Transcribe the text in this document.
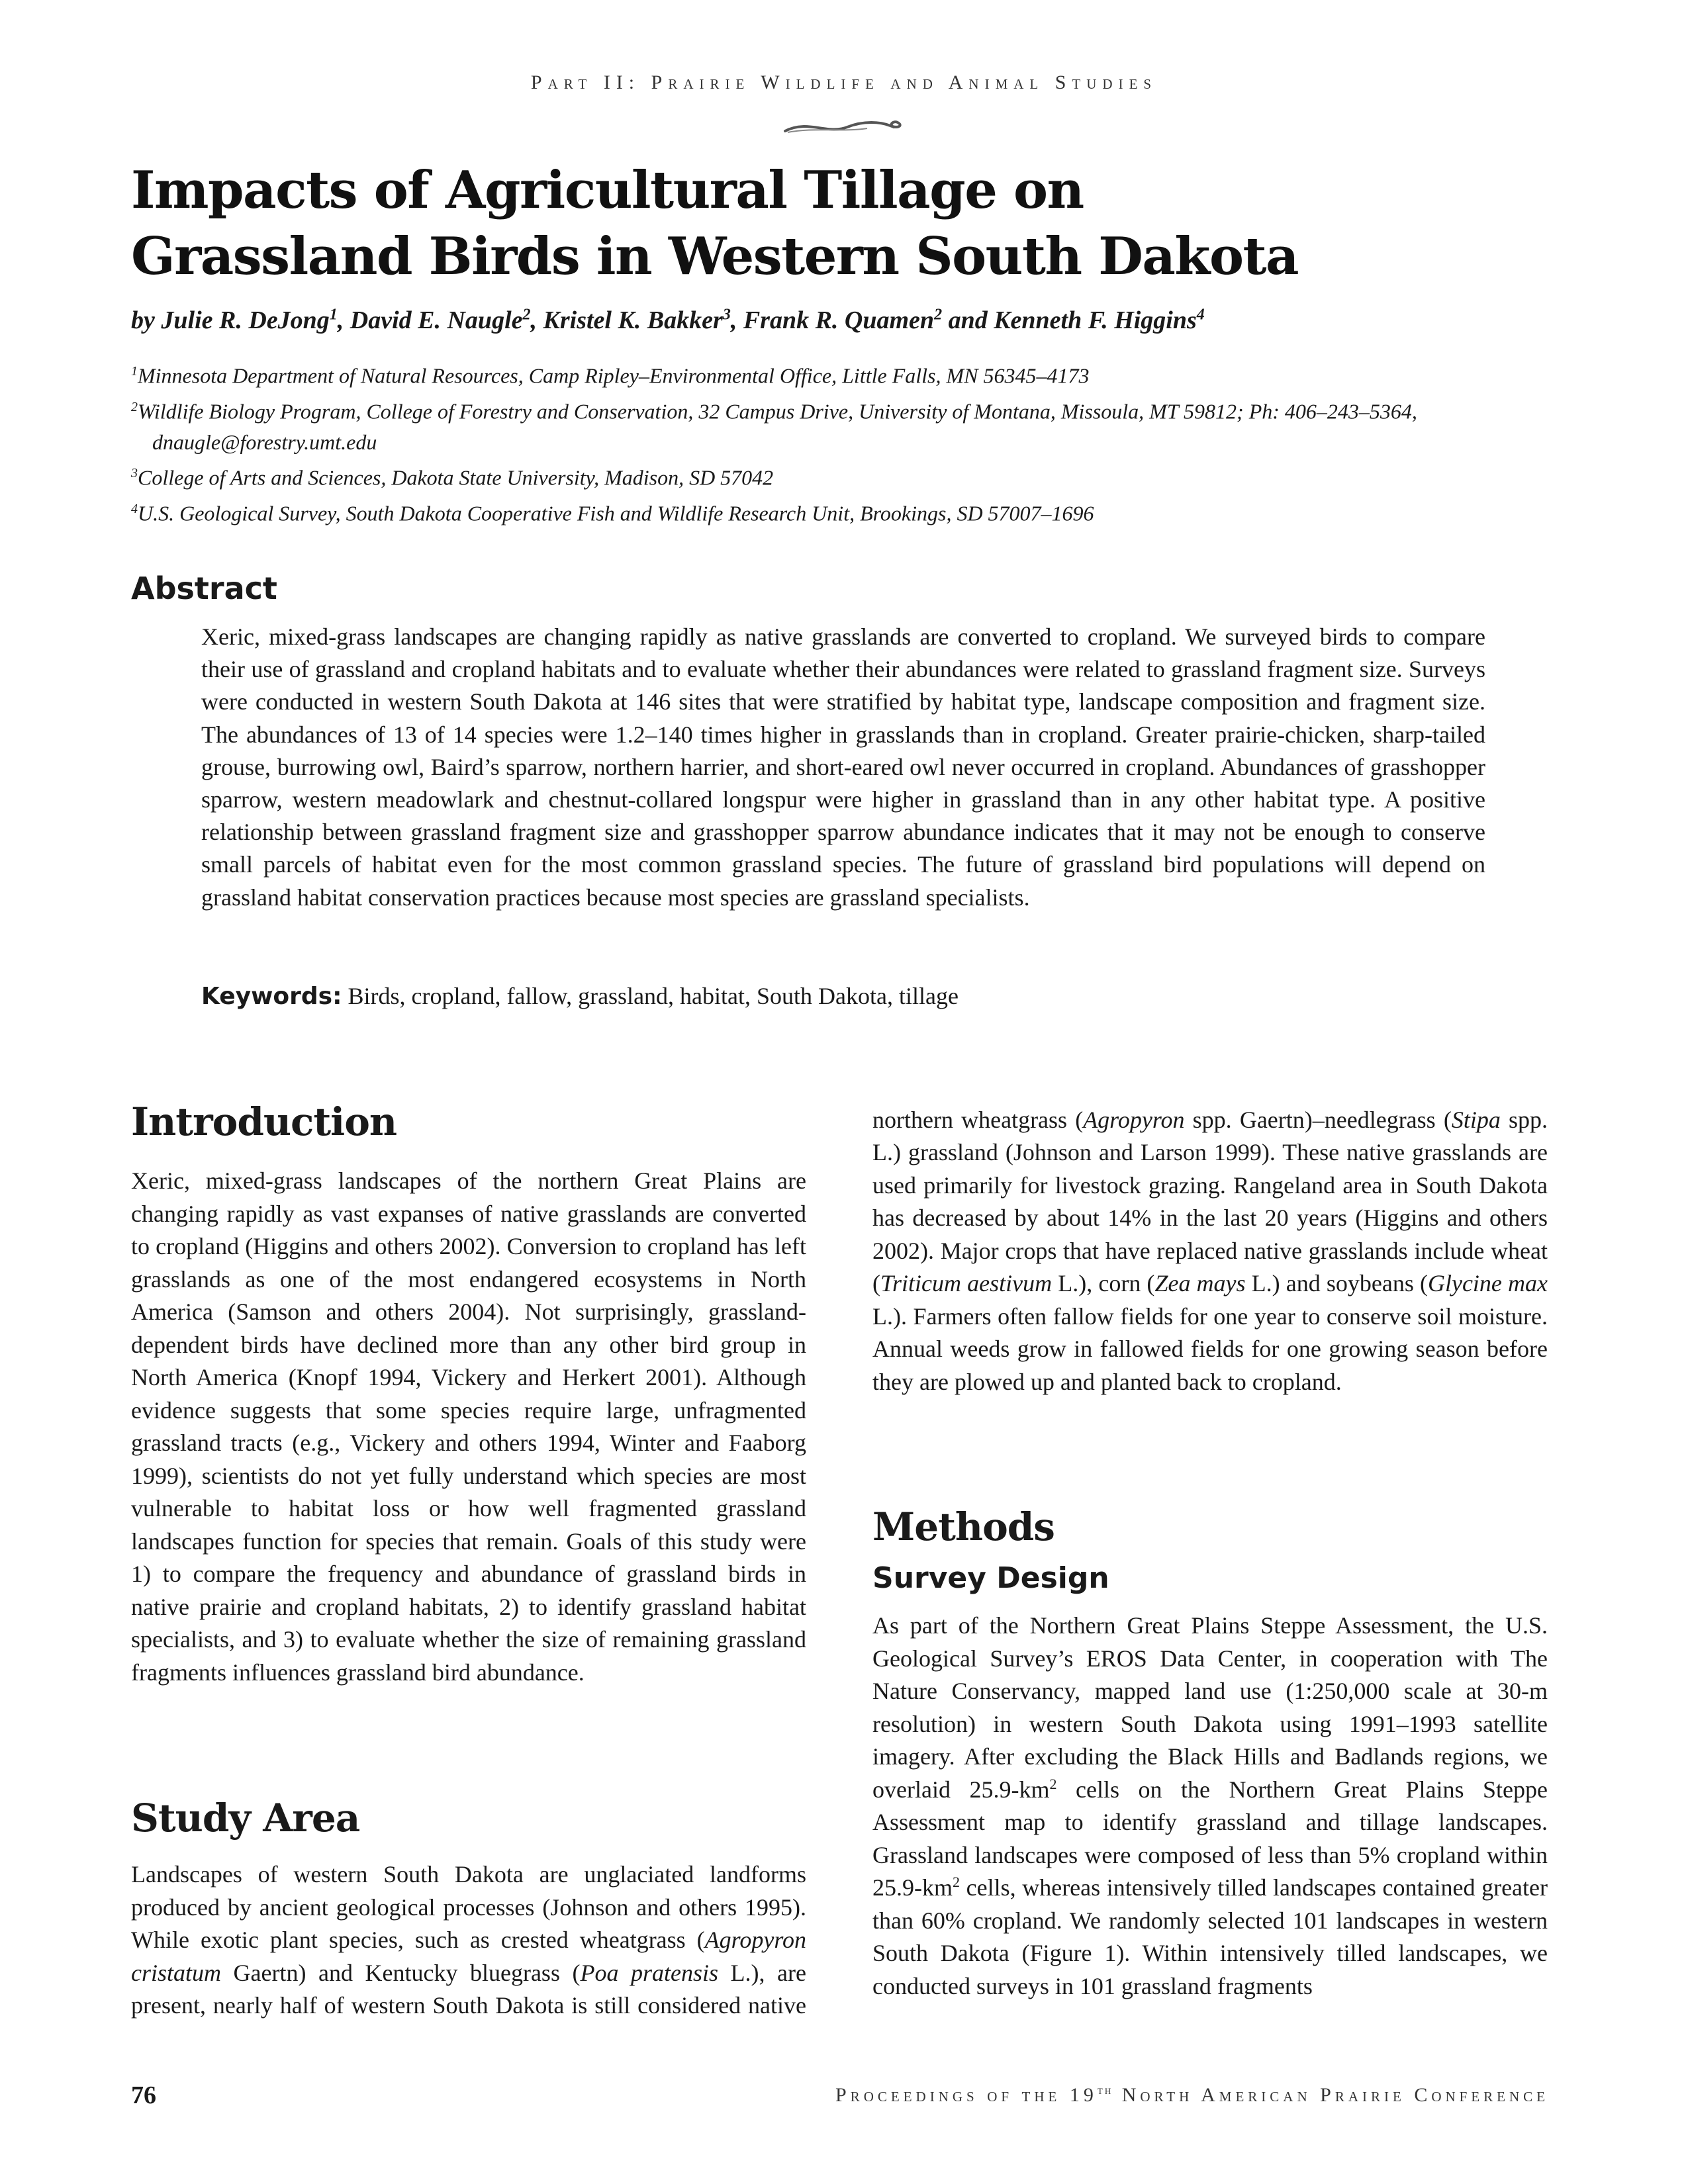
Part II: Prairie Wildlife and Animal Studies
Impacts of Agricultural Tillage on
Grassland Birds in Western South Dakota
by Julie R. DeJong$^1$, David E. Naugle$^2$, Kristel K. Bakker$^3$, Frank R. Quamen$^2$ and Kenneth F. Higgins$^4$

$^1$Minnesota Department of Natural Resources, Camp Ripley–Environmental Office, Little Falls, MN 56345–4173

$^2$Wildlife Biology Program, College of Forestry and Conservation, 32 Campus Drive, University of Montana, Missoula, MT 59812; Ph: 406–243–5364, dnaugle@forestry.umt.edu

$^3$College of Arts and Sciences, Dakota State University, Madison, SD 57042

$^4$U.S. Geological Survey, South Dakota Cooperative Fish and Wildlife Research Unit, Brookings, SD 57007–1696

Abstract
Xeric, mixed-grass landscapes are changing rapidly as native grasslands are converted to cropland. We surveyed birds to compare their use of grassland and cropland habitats and to evaluate whether their abundances were related to grassland fragment size. Surveys were conducted in western South Dakota at 146 sites that were stratified by habitat type, landscape composition and fragment size. The abundances of 13 of 14 species were 1.2–140 times higher in grasslands than in cropland. Greater prairie-chicken, sharp-tailed grouse, burrowing owl, Baird’s sparrow, northern harrier, and short-eared owl never occurred in cropland. Abundances of grasshopper sparrow, western meadowlark and chestnut-collared longspur were higher in grassland than in any other habitat type. A positive relationship between grassland fragment size and grasshopper sparrow abundance indicates that it may not be enough to conserve small parcels of habitat even for the most common grassland species. The future of grassland bird populations will depend on grassland habitat conservation practices because most species are grassland specialists.
Keywords: Birds, cropland, fallow, grassland, habitat, South Dakota, tillage
Introduction
Xeric, mixed-grass landscapes of the northern Great Plains are changing rapidly as vast expanses of native grasslands are converted to cropland (Higgins and others 2002). Conversion to cropland has left grasslands as one of the most endangered ecosystems in North America (Samson and others 2004). Not surprisingly, grassland-dependent birds have declined more than any other bird group in North America (Knopf 1994, Vickery and Herkert 2001). Although evidence suggests that some species require large, unfragmented grassland tracts (e.g., Vickery and others 1994, Winter and Faaborg 1999), scientists do not yet fully understand which species are most vulnerable to habitat loss or how well fragmented grassland landscapes function for species that remain. Goals of this study were 1) to compare the frequency and abundance of grassland birds in native prairie and cropland habitats, 2) to identify grassland habitat specialists, and 3) to evaluate whether the size of remaining grassland fragments influences grassland bird abundance.
Study Area
Landscapes of western South Dakota are unglaciated landforms produced by ancient geological processes (Johnson and others 1995). While exotic plant species, such as crested wheatgrass (Agropyron cristatum Gaertn) and Kentucky bluegrass (Poa pratensis L.), are present, nearly half of western South Dakota is still considered native
northern wheatgrass (Agropyron spp. Gaertn)–needlegrass (Stipa spp. L.) grassland (Johnson and Larson 1999). These native grasslands are used primarily for livestock grazing. Rangeland area in South Dakota has decreased by about 14% in the last 20 years (Higgins and others 2002). Major crops that have replaced native grasslands include wheat (Triticum aestivum L.), corn (Zea mays L.) and soybeans (Glycine max L.). Farmers often fallow fields for one year to conserve soil moisture. Annual weeds grow in fallowed fields for one growing season before they are plowed up and planted back to cropland.
Methods
Survey Design
As part of the Northern Great Plains Steppe Assessment, the U.S. Geological Survey’s EROS Data Center, in cooperation with The Nature Conservancy, mapped land use (1:250,000 scale at 30-m resolution) in western South Dakota using 1991–1993 satellite imagery. After excluding the Black Hills and Badlands regions, we overlaid $25.9-km^2$ cells on the Northern Great Plains Steppe Assessment map to identify grassland and tillage landscapes. Grassland landscapes were composed of less than 5% cropland within $25.9-km^2$ cells, whereas intensively tilled landscapes contained greater than 60% cropland. We randomly selected 101 landscapes in western South Dakota (Figure 1). Within intensively tilled landscapes, we conducted surveys in 101 grassland fragments
76	Proceedings of the 19th North American Prairie Conference
